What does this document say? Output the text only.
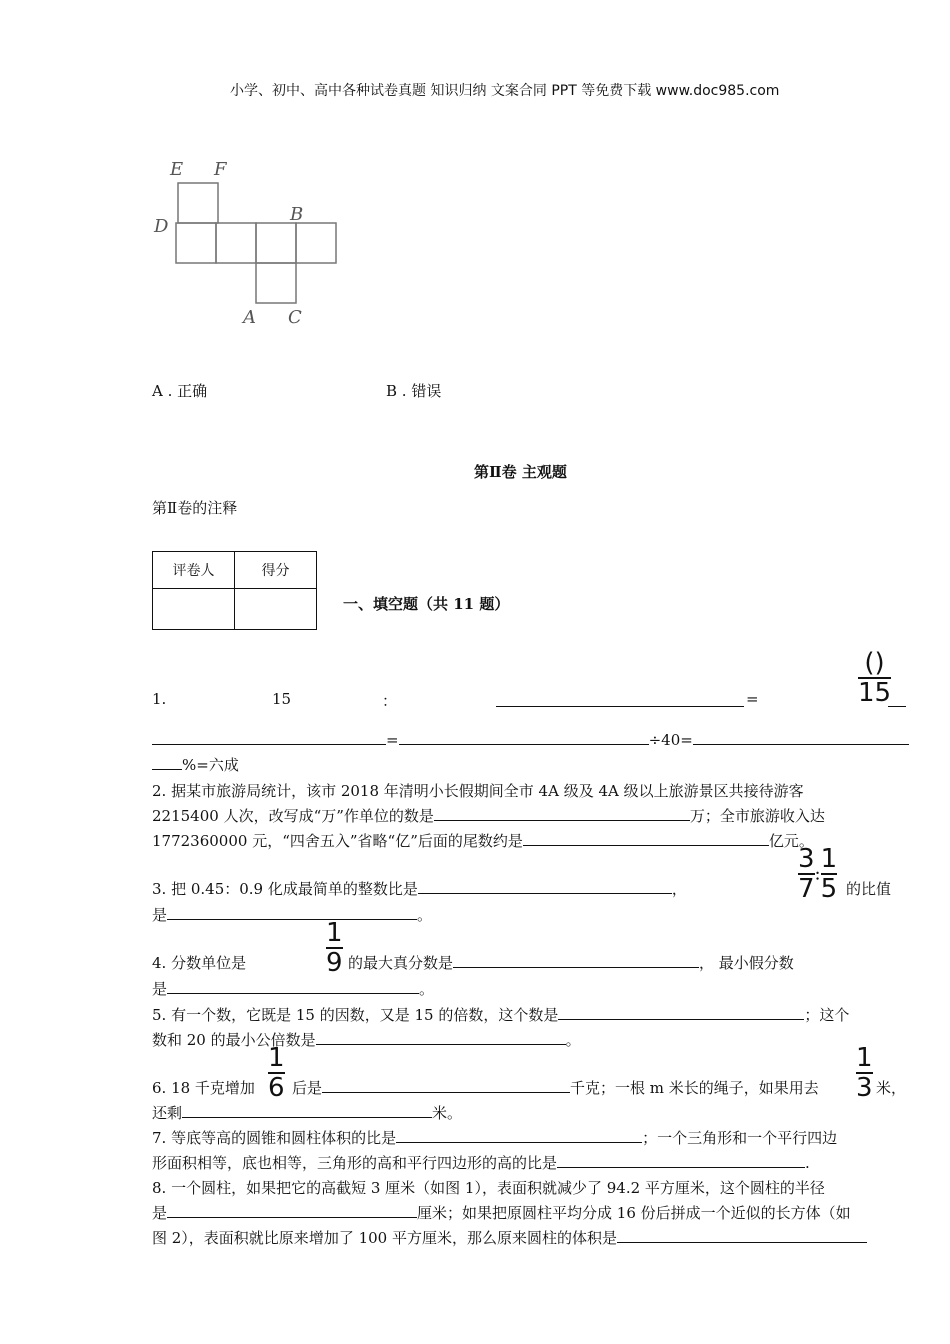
小学、初中、高中各种试卷真题 知识归纳 文案合同 PPT 等免费下载 www.doc985.com
E F
D
B
A C
A . 正确	B . 错误
第Ⅱ卷 主观题
第Ⅱ卷的注释
评卷人	得分

一、填空题（共 11 题）
1.	15	：	=	$\frac{()}{15}$
=	÷40=
%=六成
2. 据某市旅游局统计，该市 2018 年清明小长假期间全市 4A 级及 4A 级以上旅游景区共接待游客
2215400 人次，改写成“万”作单位的数是	万；全市旅游收入达
1772360000 元，“四舍五入”省略“亿”后面的尾数约是	亿元。
3. 把 0.45：0.9 化成最简单的整数比是	，	$\frac{3}{7}$ : $\frac{1}{5}$ 的比值
是	。
4. 分数单位是	$\frac{1}{9}$ 的最大真分数是	， 最小假分数
是	。
5. 有一个数，它既是 15 的因数，又是 15 的倍数，这个数是	；这个
数和 20 的最小公倍数是	。
6. 18 千克增加 $\frac{1}{6}$ 后是	千克；一根 m 米长的绳子，如果用去 $\frac{1}{3}$ 米，
还剩	米。
7. 等底等高的圆锥和圆柱体积的比是	；一个三角形和一个平行四边
形面积相等，底也相等，三角形的高和平行四边形的高的比是	.
8. 一个圆柱，如果把它的高截短 3 厘米（如图 1），表面积就减少了 94.2 平方厘米，这个圆柱的半径
是	厘米；如果把原圆柱平均分成 16 份后拼成一个近似的长方体（如
图 2），表面积就比原来增加了 100 平方厘米，那么原来圆柱的体积是
